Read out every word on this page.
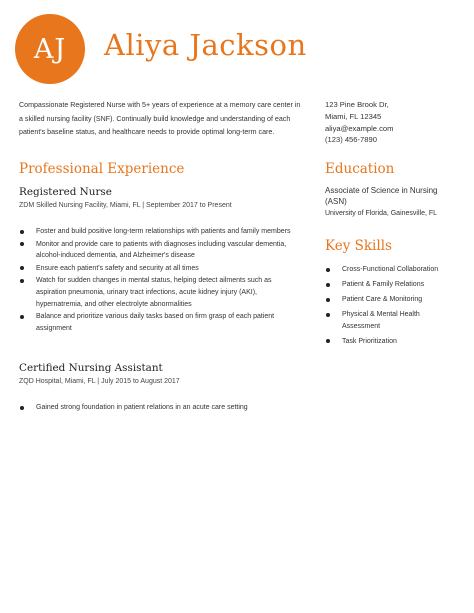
AJ Aliya Jackson

Compassionate Registered Nurse with 5+ years of experience at a memory care center in a skilled nursing facility (SNF). Continually build knowledge and understanding of each patient's baseline status, and healthcare needs to provide optimal long-term care.

123 Pine Brook Dr,
Miami, FL 12345
aliya@example.com
(123) 456-7890
Professional Experience
Registered Nurse

ZDM Skilled Nursing Facility, Miami, FL | September 2017 to Present

Foster and build positive long-term relationships with patients and family members
Monitor and provide care to patients with diagnoses including vascular dementia, alcohol-induced dementia, and Alzheimer's disease
Ensure each patient's safety and security at all times
Watch for sudden changes in mental status, helping detect ailments such as aspiration pneumonia, urinary tract infections, acute kidney injury (AKI), hypernatremia, and other electrolyte abnormalities
Balance and prioritize various daily tasks based on firm grasp of each patient assignment
Certified Nursing Assistant

ZQD Hospital, Miami, FL | July 2015 to August 2017

Gained strong foundation in patient relations in an acute care setting
Education

Associate of Science in Nursing (ASN)

University of Florida, Gainesville, FL

Key Skills
Cross-Functional Collaboration
Patient & Family Relations
Patient Care & Monitoring
Physical & Mental Health Assessment
Task Prioritization
